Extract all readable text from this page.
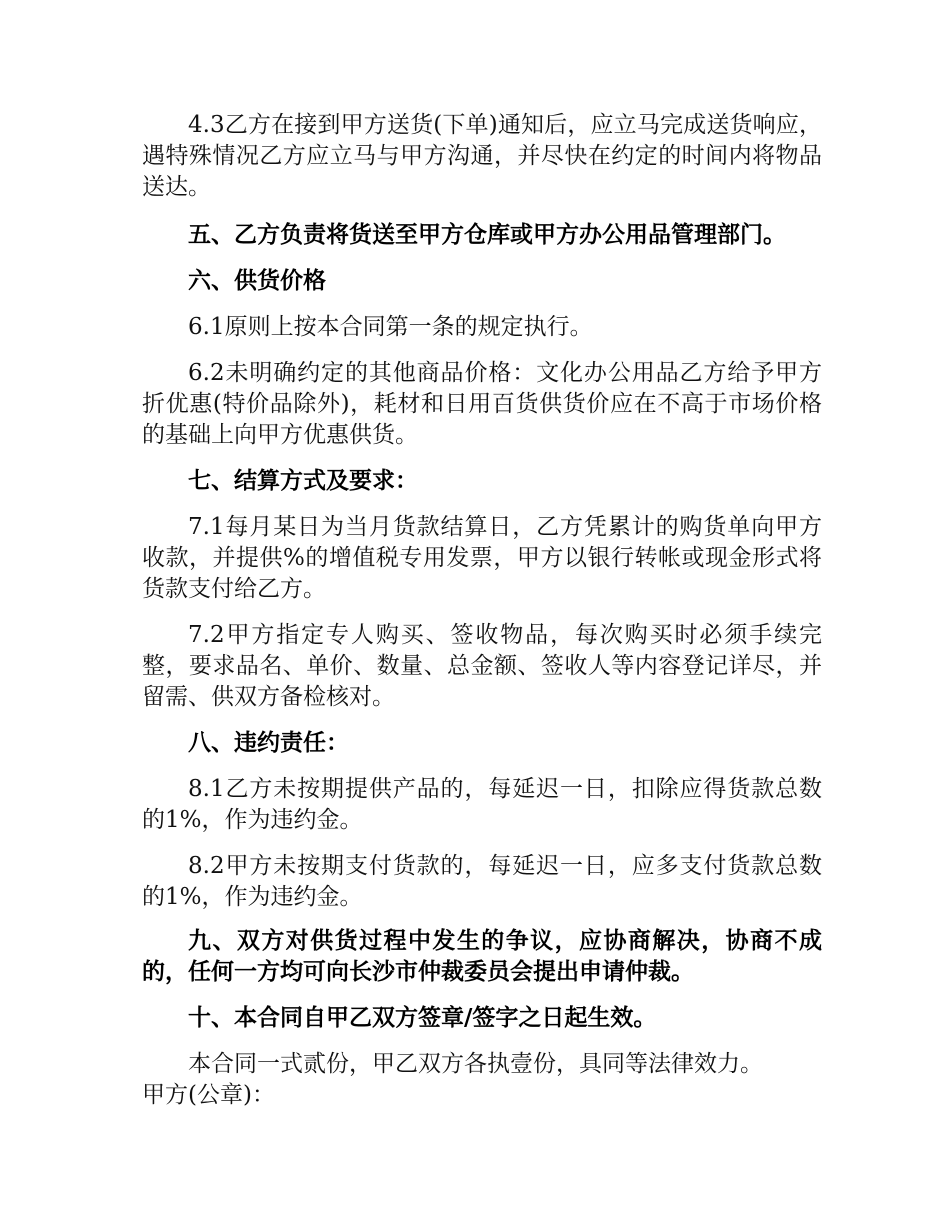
4.3乙方在接到甲方送货(下单)通知后，应立马完成送货响应，遇特殊情况乙方应立马与甲方沟通，并尽快在约定的时间内将物品送达。

五、乙方负责将货送至甲方仓库或甲方办公用品管理部门。

六、供货价格

6.1原则上按本合同第一条的规定执行。

6.2未明确约定的其他商品价格：文化办公用品乙方给予甲方折优惠(特价品除外)，耗材和日用百货供货价应在不高于市场价格的基础上向甲方优惠供货。

七、结算方式及要求：

7.1每月某日为当月货款结算日，乙方凭累计的购货单向甲方收款，并提供%的增值税专用发票，甲方以银行转帐或现金形式将货款支付给乙方。

7.2甲方指定专人购买、签收物品，每次购买时必须手续完整，要求品名、单价、数量、总金额、签收人等内容登记详尽，并留需、供双方备检核对。

八、违约责任：

8.1乙方未按期提供产品的，每延迟一日，扣除应得货款总数的1%，作为违约金。

8.2甲方未按期支付货款的，每延迟一日，应多支付货款总数的1%，作为违约金。

九、双方对供货过程中发生的争议，应协商解决，协商不成的，任何一方均可向长沙市仲裁委员会提出申请仲裁。

十、本合同自甲乙双方签章/签字之日起生效。

本合同一式贰份，甲乙双方各执壹份，具同等法律效力。

甲方(公章)：
